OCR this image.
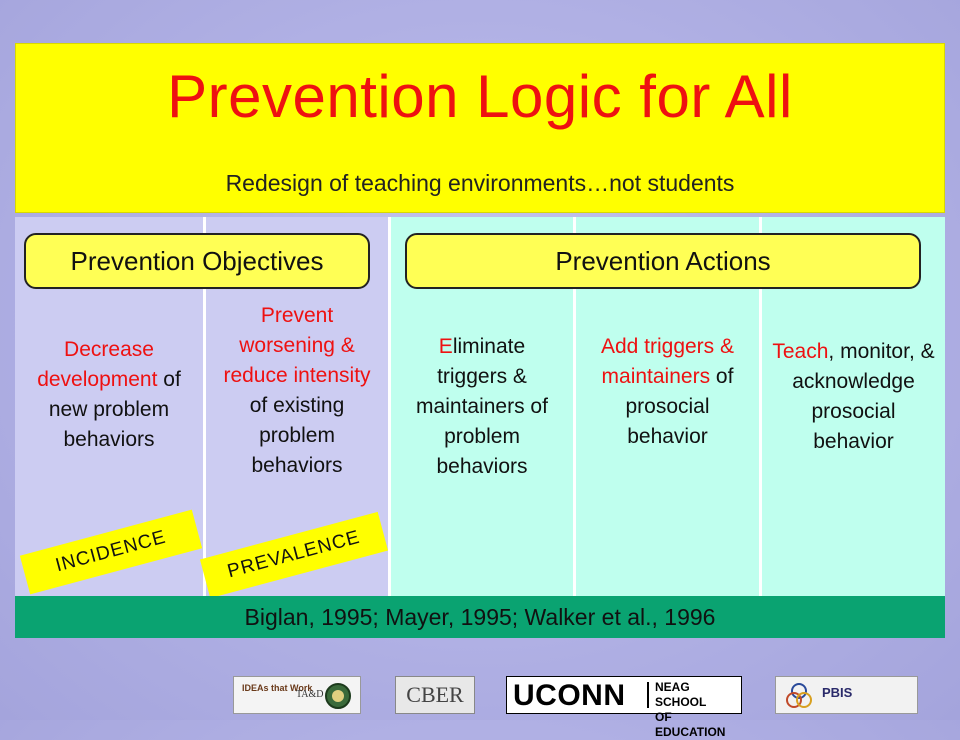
Prevention Logic for All
Redesign of teaching environments…not students
Decrease development of new problem behaviors
Prevent worsening & reduce intensity of existing problem behaviors
Eliminate triggers & maintainers of problem behaviors
Add triggers & maintainers of prosocial behavior
Teach, monitor, & acknowledge prosocial behavior
Prevention Objectives	Prevention Actions
INCIDENCE	PREVALENCE
Biglan, 1995; Mayer, 1995; Walker et al., 1996
IDEAs that Work
TA&D	CBER	UCONN NEAG SCHOOL
OF EDUCATION
PBIS
